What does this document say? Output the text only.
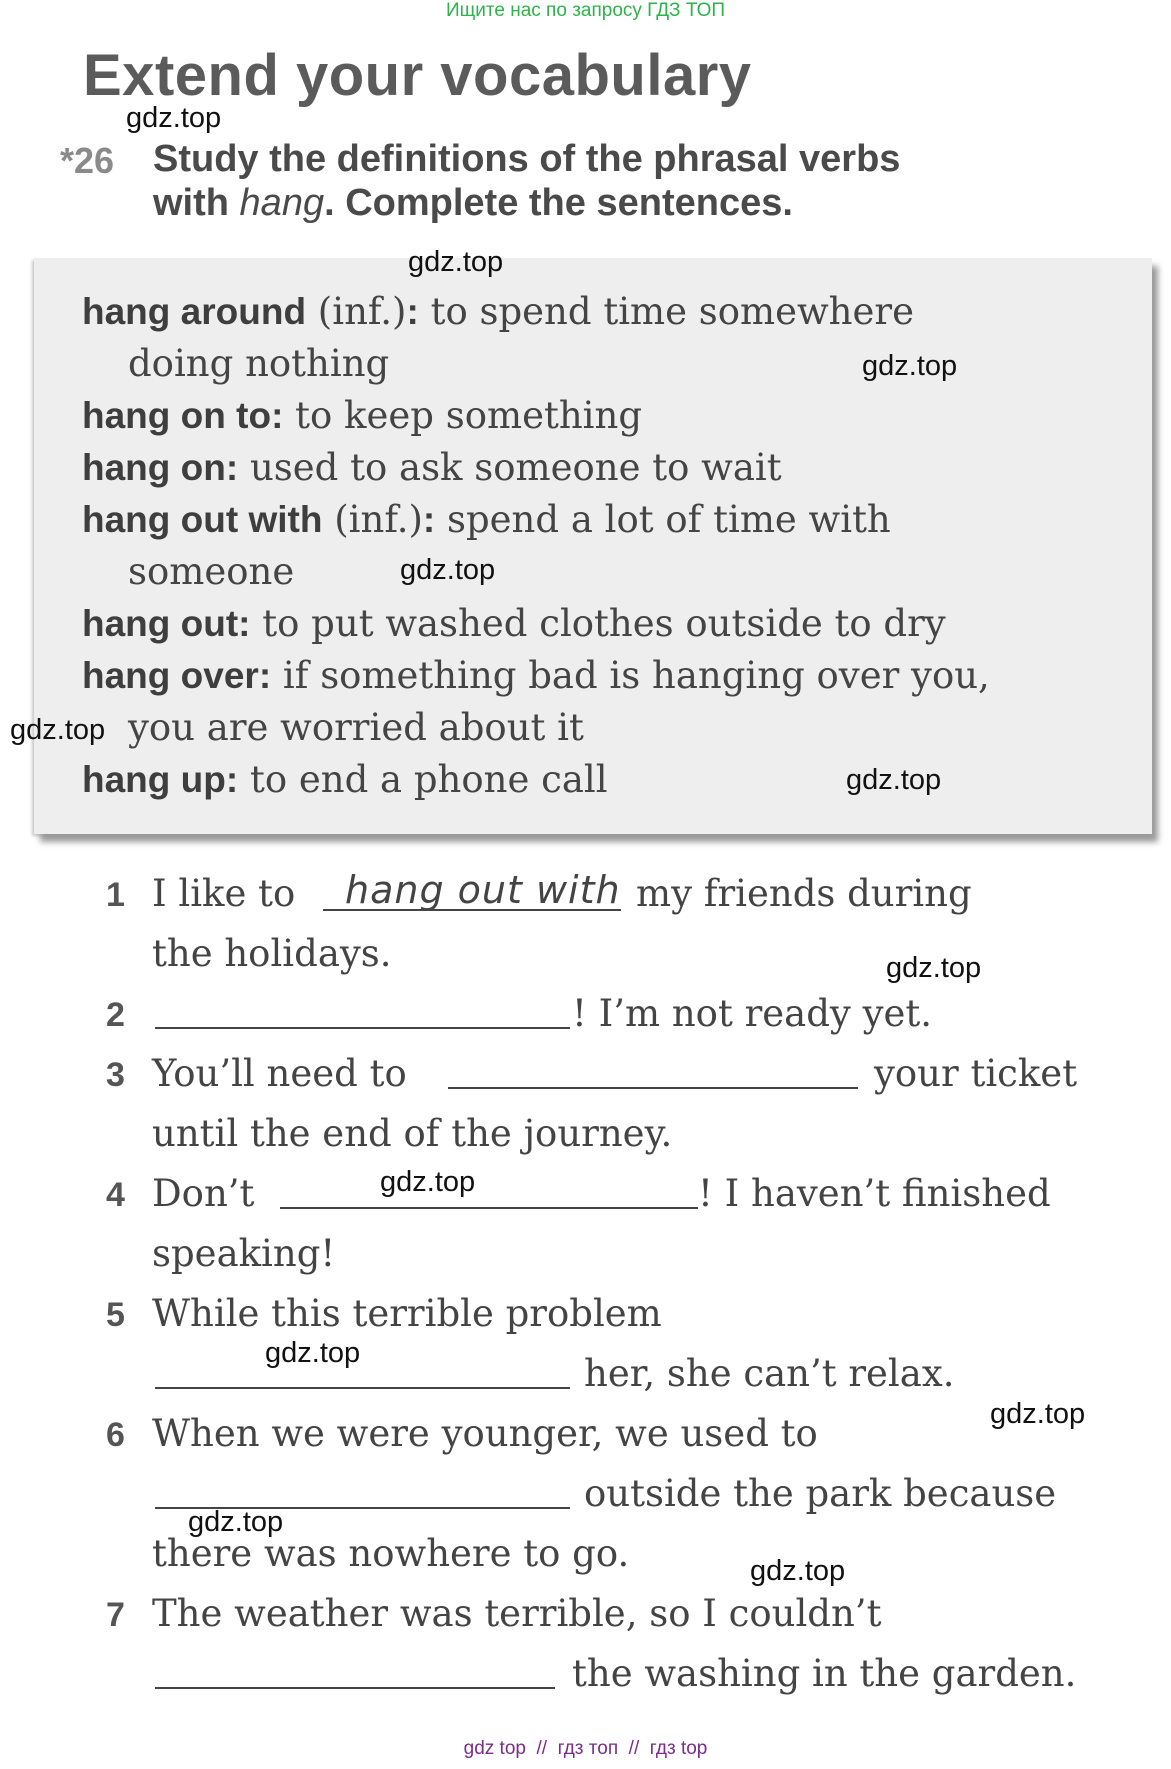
Ищите нас по запросу ГДЗ ТОП
Extend your vocabulary
*26 Study the definitions of the phrasal verbs
with hang. Complete the sentences.
hang around (inf.): to spend time somewhere
doing nothing
hang on to: to keep something
hang on: used to ask someone to wait
hang out with (inf.): spend a lot of time with
someone
hang out: to put washed clothes outside to dry
hang over: if something bad is hanging over you,
you are worried about it
hang up: to end a phone call
1 I like to hang out with my friends during
the holidays.
2	! I’m not ready yet.
3 You’ll need to	your ticket
until the end of the journey.
4 Don’t	! I haven’t finished
speaking!
5 While this terrible problem
her, she can’t relax.
6 When we were younger, we used to
outside the park because
there was nowhere to go.
7 The weather was terrible, so I couldn’t
the washing in the garden.
gdz.top
gdz.top
gdz.top
gdz.top
gdz.top
gdz.top
gdz.top
gdz.top
gdz.top
gdz.top
gdz.top
gdz.top
gdz top  //  гдз топ  //  гдз top
